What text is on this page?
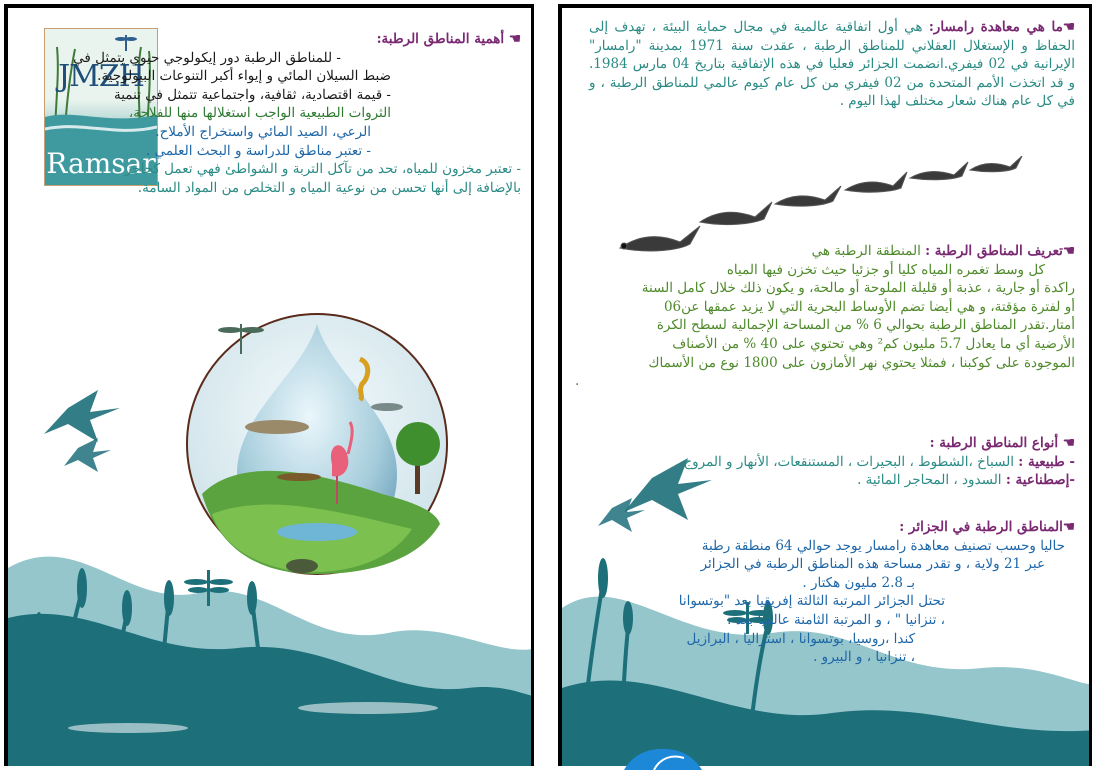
JMZH
Ramsar
☚ أهمية المناطق الرطبة:
- للمناطق الرطبة دور إيكولوجي حيوي يتمثل في
ضبط السيلان المائي و إيواء أكبر التنوعات البيولوجية.
- قيمة اقتصادية، ثقافية، واجتماعية تتمثل في تنمية
الثروات الطبيعية الواجب استغلالها منها للفلاحة،
الرعي، الصيد المائي واستخراج الأملاح.
- تعتبر مناطق للدراسة و البحث العلمي .
- تعتبر مخزون للمياه، تحد من تآكل التربة و الشواطئ فهي تعمل كحاجز
بالإضافة إلى أنها تحسن من نوعية المياه و التخلص من المواد السامة.

☚ما هي معاهدة رامسار: هي أول اتفاقية عالمية في مجال حماية البيئة ، تهدف إلى الحفاظ و الإستغلال العقلاني للمناطق الرطبة ، عقدت سنة 1971 بمدينة "رامسار" الإيرانية في 02 فيفري.انضمت الجزائر فعليا في هذه الإتفاقية بتاريخ 04 مارس 1984. و قد اتخذت الأمم المتحدة من 02 فيفري من كل عام كيوم عالمي للمناطق الرطبة ، و في كل عام هناك شعار مختلف لهذا اليوم .

☚تعريف المناطق الرطبة : المنطقة الرطبة هي
كل وسط تغمره المياه كليا أو جزئيا حيث تخزن فيها المياه
راكدة أو جارية ، عذبة أو قليلة الملوحة أو مالحة، و يكون ذلك خلال كامل السنة
أو لفترة مؤقتة، و هي أيضا تضم الأوساط البحرية التي لا يزيد عمقها عن06
أمتار.تقدر المناطق الرطبة بحوالي 6 % من المساحة الإجمالية لسطح الكرة
الأرضية أي ما يعادل 5.7 مليون كم² وهي تحتوي على 40 % من الأصناف
الموجودة على كوكبنا ، فمثلا يحتوي نهر الأمازون على 1800 نوع من الأسماك
.
☚ أنواع المناطق الرطبة :
- طبيعية : السباخ ،الشطوط ، البحيرات ، المستنقعات، الأنهار و المروج .
-إصطناعية : السدود ، المحاجر المائية .
☚المناطق الرطبة في الجزائر :
حاليا وحسب تصنيف معاهدة رامسار يوجد حوالي 64 منطقة رطبة
عبر 21 ولاية ، و تقدر مساحة هذه المناطق الرطبة في الجزائر
بـ 2.8 مليون هكتار .
تحتل الجزائر المرتبة الثالثة إفريقيا بعد "بوتسوانا
، تنزانيا " ، و المرتبة الثامنة عالميا بعد :
كندا ،روسيا، بوتسوانا ، استراليا ، البرازيل
، تنزانيا ، و البيرو .
